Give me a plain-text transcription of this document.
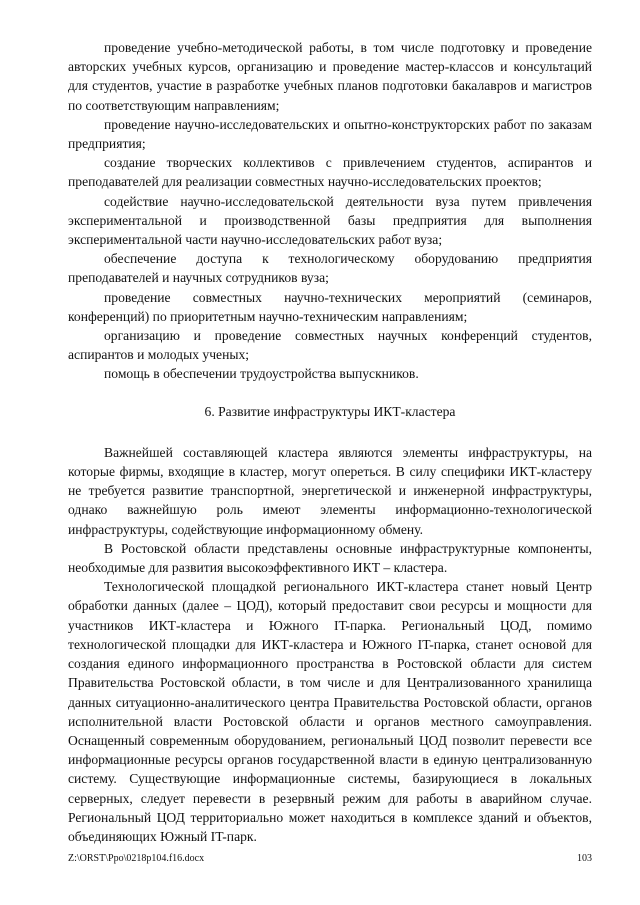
проведение учебно-методической работы, в том числе подготовку и проведение авторских учебных курсов, организацию и проведение мастер-классов и консультаций для студентов, участие в разработке учебных планов подготовки бакалавров и магистров по соответствующим направлениям;

проведение научно-исследовательских и опытно-конструкторских работ по заказам предприятия;

создание творческих коллективов с привлечением студентов, аспирантов и преподавателей для реализации совместных научно-исследовательских проектов;

содействие научно-исследовательской деятельности вуза путем привлечения экспериментальной и производственной базы предприятия для выполнения экспериментальной части научно-исследовательских работ вуза;

обеспечение доступа к технологическому оборудованию предприятия преподавателей и научных сотрудников вуза;

проведение совместных научно-технических мероприятий (семинаров, конференций) по приоритетным научно-техническим направлениям;

организацию и проведение совместных научных конференций студентов, аспирантов и молодых ученых;

помощь в обеспечении трудоустройства выпускников.

6. Развитие инфраструктуры ИКТ-кластера

Важнейшей составляющей кластера являются элементы инфраструктуры, на которые фирмы, входящие в кластер, могут опереться. В силу специфики ИКТ-кластеру не требуется развитие транспортной, энергетической и инженерной инфраструктуры, однако важнейшую роль имеют элементы информационно-технологической инфраструктуры, содействующие информационному обмену.

В Ростовской области представлены основные инфраструктурные компоненты, необходимые для развития высокоэффективного ИКТ – кластера.

Технологической площадкой регионального ИКТ-кластера станет новый Центр обработки данных (далее – ЦОД), который предоставит свои ресурсы и мощности для участников ИКТ-кластера и Южного IT-парка. Региональный ЦОД, помимо технологической площадки для ИКТ-кластера и Южного IT-парка, станет основой для создания единого информационного пространства в Ростовской области для систем Правительства Ростовской области, в том числе и для Централизованного хранилища данных ситуационно-аналитического центра Правительства Ростовской области, органов исполнительной власти Ростовской области и органов местного самоуправления. Оснащенный современным оборудованием, региональный ЦОД позволит перевести все информационные ресурсы органов государственной власти в единую централизованную систему. Существующие информационные системы, базирующиеся в локальных серверных, следует перевести в резервный режим для работы в аварийном случае. Региональный ЦОД территориально может находиться в комплексе зданий и объектов, объединяющих Южный IT-парк.

Z:\ORST\Ppo\0218p104.f16.docx	103
